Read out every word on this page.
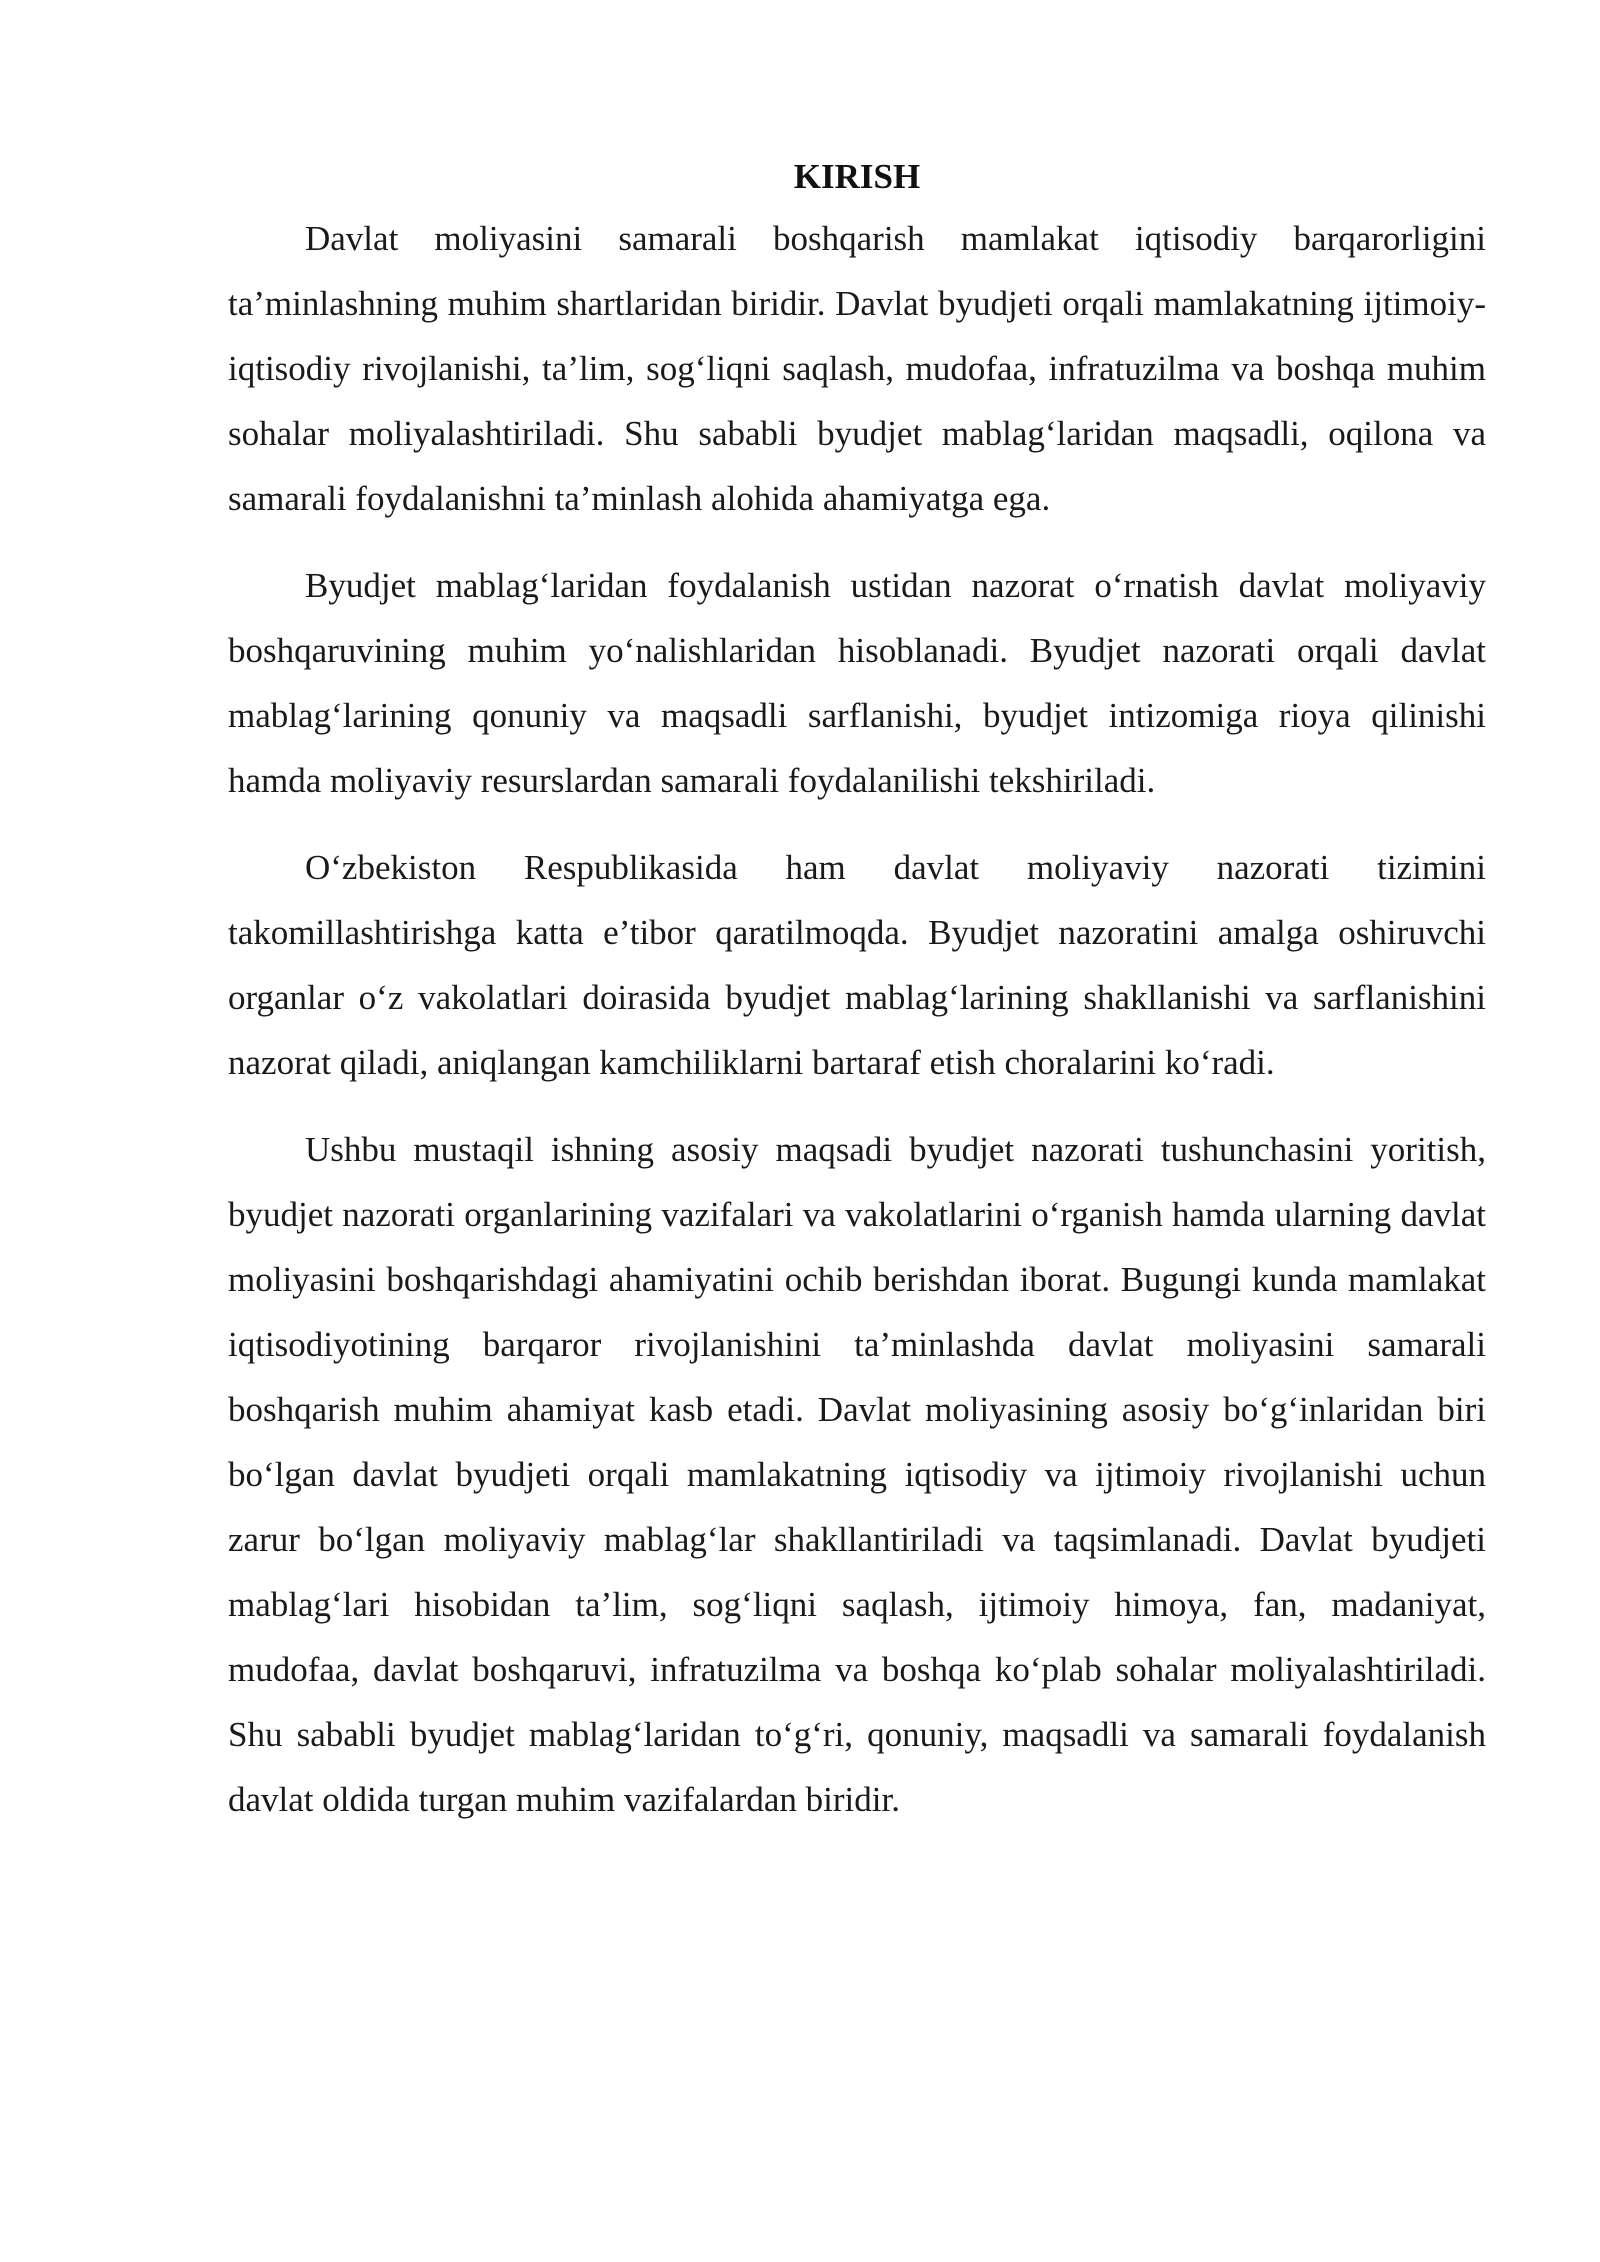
KIRISH

Davlat moliyasini samarali boshqarish mamlakat iqtisodiy barqarorligini ta’minlashning muhim shartlaridan biridir. Davlat byudjeti orqali mamlakatning ijtimoiy-iqtisodiy rivojlanishi, ta’lim, sog‘liqni saqlash, mudofaa, infratuzilma va boshqa muhim sohalar moliyalashtiriladi. Shu sababli byudjet mablag‘laridan maqsadli, oqilona va samarali foydalanishni ta’minlash alohida ahamiyatga ega.

Byudjet mablag‘laridan foydalanish ustidan nazorat o‘rnatish davlat moliyaviy boshqaruvining muhim yo‘nalishlaridan hisoblanadi. Byudjet nazorati orqali davlat mablag‘larining qonuniy va maqsadli sarflanishi, byudjet intizomiga rioya qilinishi hamda moliyaviy resurslardan samarali foydalanilishi tekshiriladi.

O‘zbekiston Respublikasida ham davlat moliyaviy nazorati tizimini takomillashtirishga katta e’tibor qaratilmoqda. Byudjet nazoratini amalga oshiruvchi organlar o‘z vakolatlari doirasida byudjet mablag‘larining shakllanishi va sarflanishini nazorat qiladi, aniqlangan kamchiliklarni bartaraf etish choralarini ko‘radi.

Ushbu mustaqil ishning asosiy maqsadi byudjet nazorati tushunchasini yoritish, byudjet nazorati organlarining vazifalari va vakolatlarini o‘rganish hamda ularning davlat moliyasini boshqarishdagi ahamiyatini ochib berishdan iborat. Bugungi kunda mamlakat iqtisodiyotining barqaror rivojlanishini ta’minlashda davlat moliyasini samarali boshqarish muhim ahamiyat kasb etadi. Davlat moliyasining asosiy bo‘g‘inlaridan biri bo‘lgan davlat byudjeti orqali mamlakatning iqtisodiy va ijtimoiy rivojlanishi uchun zarur bo‘lgan moliyaviy mablag‘lar shakllantiriladi va taqsimlanadi. Davlat byudjeti mablag‘lari hisobidan ta’lim, sog‘liqni saqlash, ijtimoiy himoya, fan, madaniyat, mudofaa, davlat boshqaruvi, infratuzilma va boshqa ko‘plab sohalar moliyalashtiriladi. Shu sababli byudjet mablag‘laridan to‘g‘ri, qonuniy, maqsadli va samarali foydalanish davlat oldida turgan muhim vazifalardan biridir.
